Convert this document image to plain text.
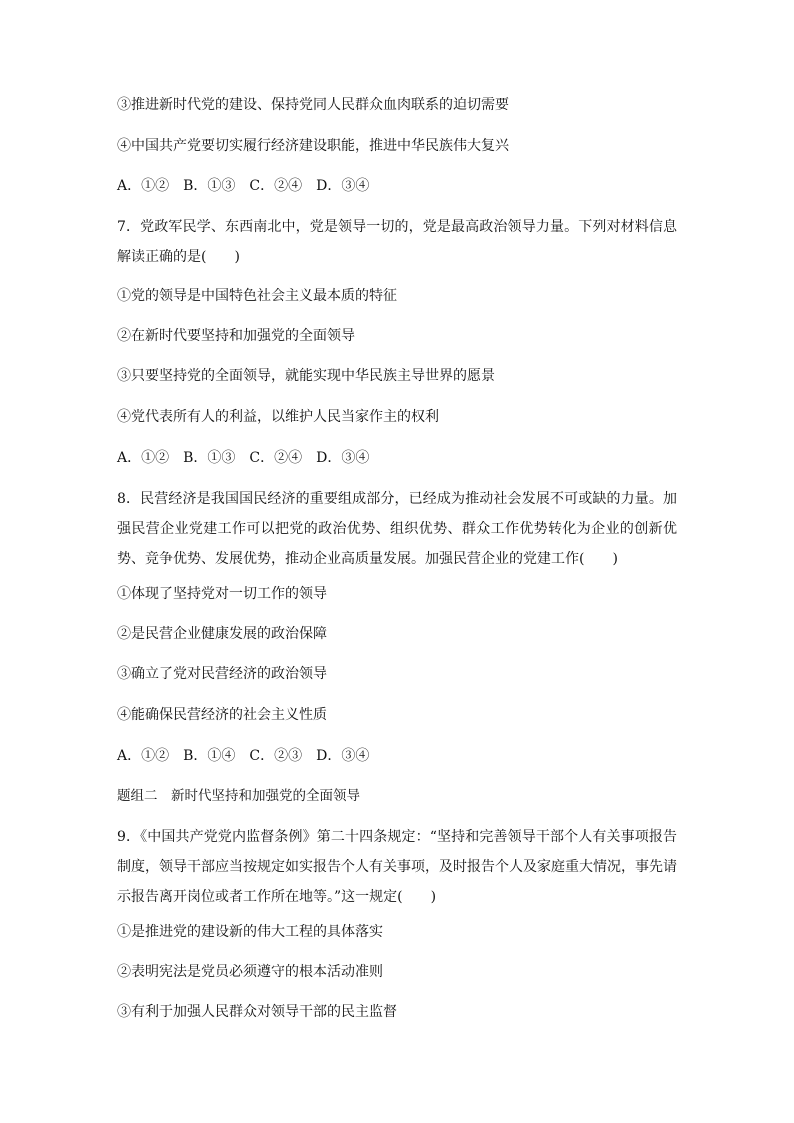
③推进新时代党的建设、保持党同人民群众血肉联系的迫切需要
④中国共产党要切实履行经济建设职能，推进中华民族伟大复兴
A．①②　B．①③　C．②④　D．③④
7．党政军民学、东西南北中，党是领导一切的，党是最高政治领导力量。下列对材料信息解读正确的是(　　)
①党的领导是中国特色社会主义最本质的特征
②在新时代要坚持和加强党的全面领导
③只要坚持党的全面领导，就能实现中华民族主导世界的愿景
④党代表所有人的利益，以维护人民当家作主的权利
A．①②　B．①③　C．②④　D．③④
8．民营经济是我国国民经济的重要组成部分，已经成为推动社会发展不可或缺的力量。加强民营企业党建工作可以把党的政治优势、组织优势、群众工作优势转化为企业的创新优势、竞争优势、发展优势，推动企业高质量发展。加强民营企业的党建工作(　　)
①体现了坚持党对一切工作的领导
②是民营企业健康发展的政治保障
③确立了党对民营经济的政治领导
④能确保民营经济的社会主义性质
A．①②　B．①④　C．②③　D．③④
题组二　新时代坚持和加强党的全面领导
9．《中国共产党党内监督条例》第二十四条规定：“坚持和完善领导干部个人有关事项报告制度，领导干部应当按规定如实报告个人有关事项，及时报告个人及家庭重大情况，事先请示报告离开岗位或者工作所在地等。”这一规定(　　)
①是推进党的建设新的伟大工程的具体落实
②表明宪法是党员必须遵守的根本活动准则
③有利于加强人民群众对领导干部的民主监督
